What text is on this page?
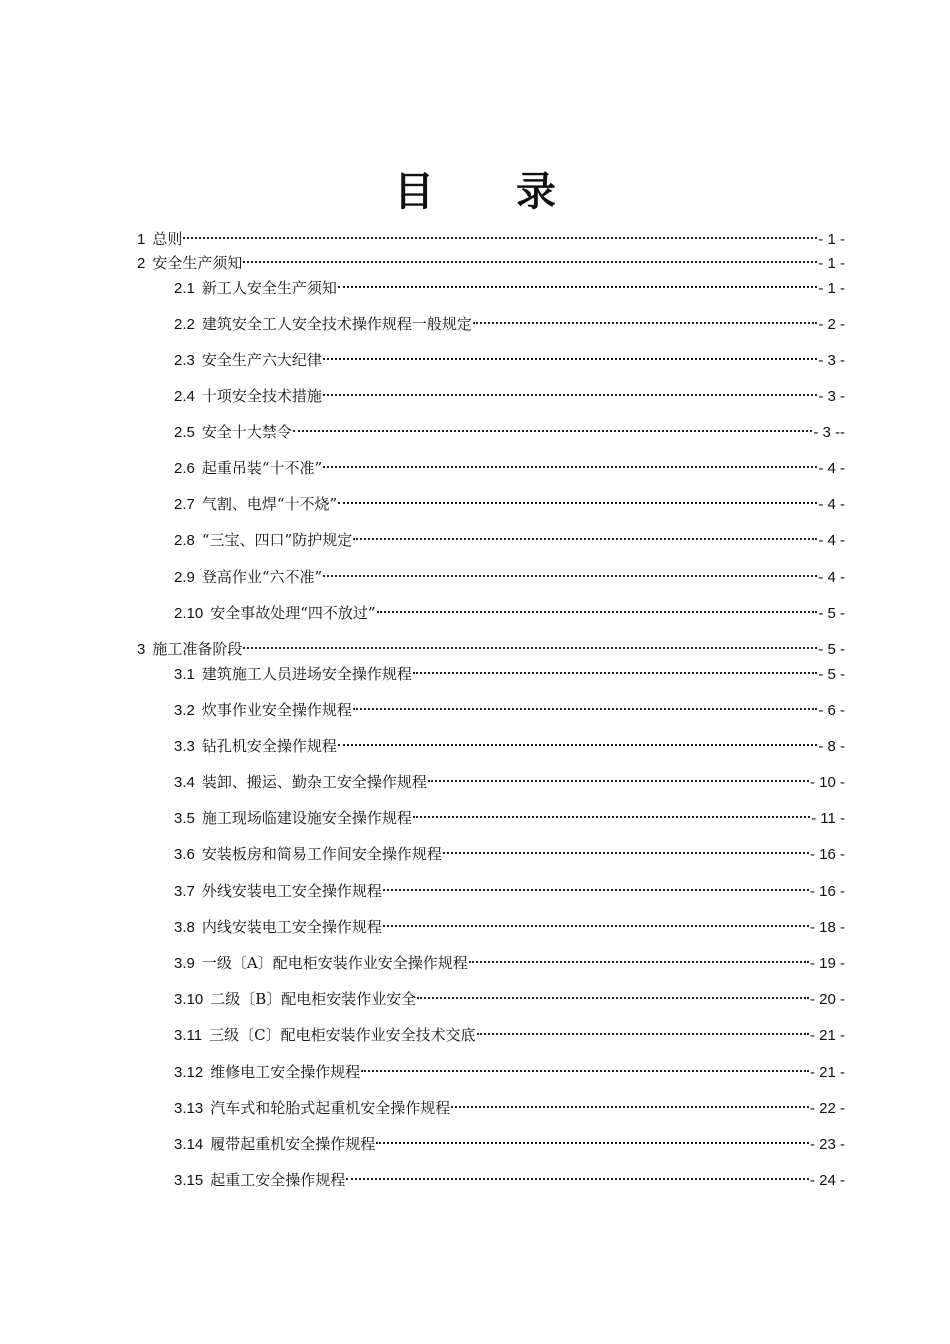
目 录
1 总则	- 1 -
2 安全生产须知	- 1 -
2.1 新工人安全生产须知	- 1 -
2.2 建筑安全工人安全技术操作规程一般规定	- 2 -
2.3 安全生产六大纪律	- 3 -
2.4 十项安全技术措施	- 3 -
2.5 安全十大禁令	- 3 --
2.6 起重吊装“十不准”	- 4 -
2.7 气割、电焊“十不烧”	- 4 -
2.8 “三宝、四口”防护规定	- 4 -
2.9 登高作业“六不准”	- 4 -
2.10 安全事故处理“四不放过”	- 5 -
3 施工准备阶段	- 5 -
3.1 建筑施工人员进场安全操作规程	- 5 -
3.2 炊事作业安全操作规程	- 6 -
3.3 钻孔机安全操作规程	- 8 -
3.4 装卸、搬运、勤杂工安全操作规程	- 10 -
3.5 施工现场临建设施安全操作规程	- 11 -
3.6 安装板房和简易工作间安全操作规程	- 16 -
3.7 外线安装电工安全操作规程	- 16 -
3.8 内线安装电工安全操作规程	- 18 -
3.9 一级〔A〕配电柜安装作业安全操作规程	- 19 -
3.10 二级〔B〕配电柜安装作业安全	- 20 -
3.11 三级〔C〕配电柜安装作业安全技术交底	- 21 -
3.12 维修电工安全操作规程	- 21 -
3.13 汽车式和轮胎式起重机安全操作规程	- 22 -
3.14 履带起重机安全操作规程	- 23 -
3.15 起重工安全操作规程	- 24 -
